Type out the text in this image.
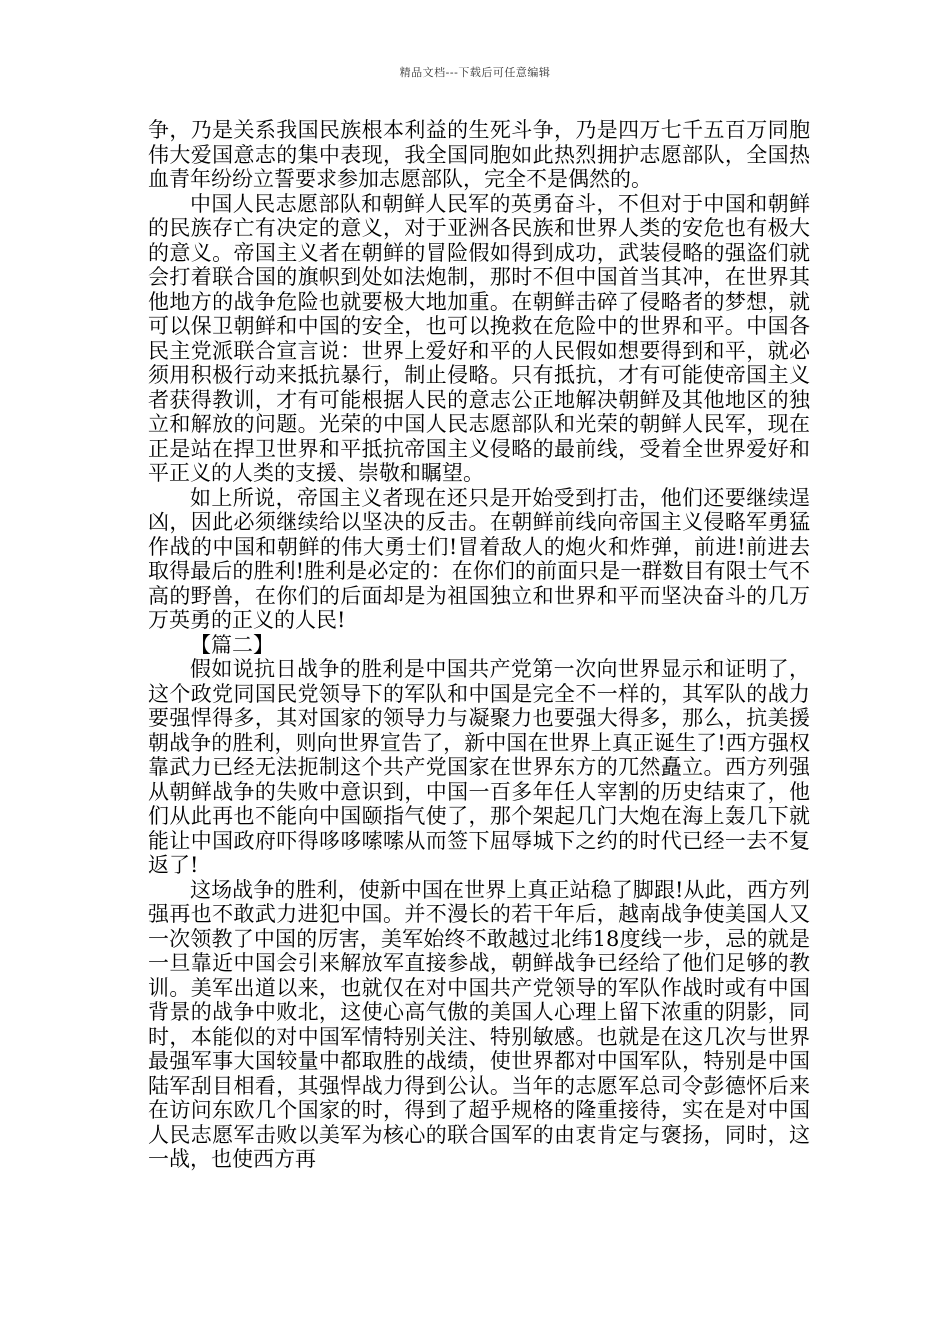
精品文档---下载后可任意编辑

争，乃是关系我国民族根本利益的生死斗争，乃是四万七千五百万同胞伟大爱国意志的集中表现，我全国同胞如此热烈拥护志愿部队，全国热血青年纷纷立誓要求参加志愿部队，完全不是偶然的。

中国人民志愿部队和朝鲜人民军的英勇奋斗，不但对于中国和朝鲜的民族存亡有决定的意义，对于亚洲各民族和世界人类的安危也有极大的意义。帝国主义者在朝鲜的冒险假如得到成功，武装侵略的强盗们就会打着联合国的旗帜到处如法炮制，那时不但中国首当其冲，在世界其他地方的战争危险也就要极大地加重。在朝鲜击碎了侵略者的梦想，就可以保卫朝鲜和中国的安全，也可以挽救在危险中的世界和平。中国各民主党派联合宣言说：世界上爱好和平的人民假如想要得到和平，就必须用积极行动来抵抗暴行，制止侵略。只有抵抗，才有可能使帝国主义者获得教训，才有可能根据人民的意志公正地解决朝鲜及其他地区的独立和解放的问题。光荣的中国人民志愿部队和光荣的朝鲜人民军，现在正是站在捍卫世界和平抵抗帝国主义侵略的最前线，受着全世界爱好和平正义的人类的支援、崇敬和瞩望。

如上所说，帝国主义者现在还只是开始受到打击，他们还要继续逞凶，因此必须继续给以坚决的反击。在朝鲜前线向帝国主义侵略军勇猛作战的中国和朝鲜的伟大勇士们!冒着敌人的炮火和炸弹，前进!前进去取得最后的胜利!胜利是必定的：在你们的前面只是一群数目有限士气不高的野兽，在你们的后面却是为祖国独立和世界和平而坚决奋斗的几万万英勇的正义的人民!

【篇二】

假如说抗日战争的胜利是中国共产党第一次向世界显示和证明了，这个政党同国民党领导下的军队和中国是完全不一样的，其军队的战力要强悍得多，其对国家的领导力与凝聚力也要强大得多，那么，抗美援朝战争的胜利，则向世界宣告了，新中国在世界上真正诞生了!西方强权靠武力已经无法扼制这个共产党国家在世界东方的兀然矗立。西方列强从朝鲜战争的失败中意识到，中国一百多年任人宰割的历史结束了，他们从此再也不能向中国颐指气使了，那个架起几门大炮在海上轰几下就能让中国政府吓得哆哆嗦嗦从而签下屈辱城下之约的时代已经一去不复返了!

这场战争的胜利，使新中国在世界上真正站稳了脚跟!从此，西方列强再也不敢武力进犯中国。并不漫长的若干年后，越南战争使美国人又一次领教了中国的厉害，美军始终不敢越过北纬18度线一步，忌的就是一旦靠近中国会引来解放军直接参战，朝鲜战争已经给了他们足够的教训。美军出道以来，也就仅在对中国共产党领导的军队作战时或有中国背景的战争中败北，这使心高气傲的美国人心理上留下浓重的阴影，同时，本能似的对中国军情特别关注、特别敏感。也就是在这几次与世界最强军事大国较量中都取胜的战绩，使世界都对中国军队，特别是中国陆军刮目相看，其强悍战力得到公认。当年的志愿军总司令彭德怀后来在访问东欧几个国家的时，得到了超乎规格的隆重接待，实在是对中国人民志愿军击败以美军为核心的联合国军的由衷肯定与褒扬，同时，这一战，也使西方再
